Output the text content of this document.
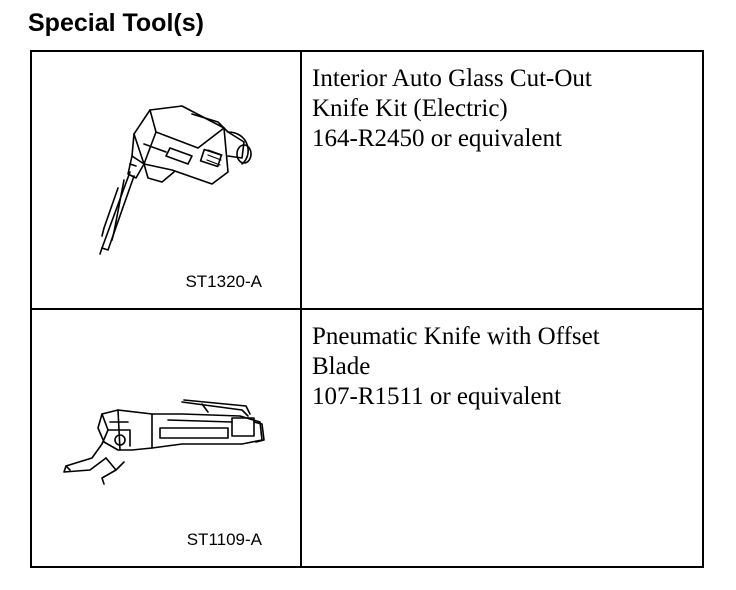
Special Tool(s)
ST1320-A	Interior Auto Glass Cut-Out
Knife Kit (Electric)
164-R2450 or equivalent

ST1109-A	Pneumatic Knife with Offset
Blade
107-R1511 or equivalent
